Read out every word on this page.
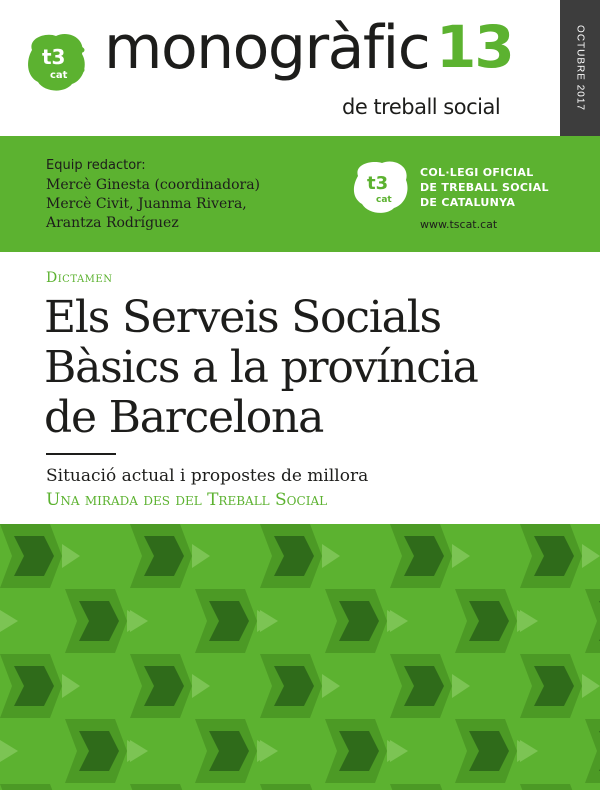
t3
cat monogràfic 13
de treball social	OCTUBRE 2017
Equip redactor:
Mercè Ginesta (coordinadora)
Mercè Civit, Juanma Rivera,
Arantza Rodríguez
t3
cat
COL·LEGI OFICIAL
DE TREBALL SOCIAL
DE CATALUNYA
www.tscat.cat
Dictamen
Els Serveis Socials
Bàsics a la província
de Barcelona
Situació actual i propostes de millora
Una mirada des del Treball Social
